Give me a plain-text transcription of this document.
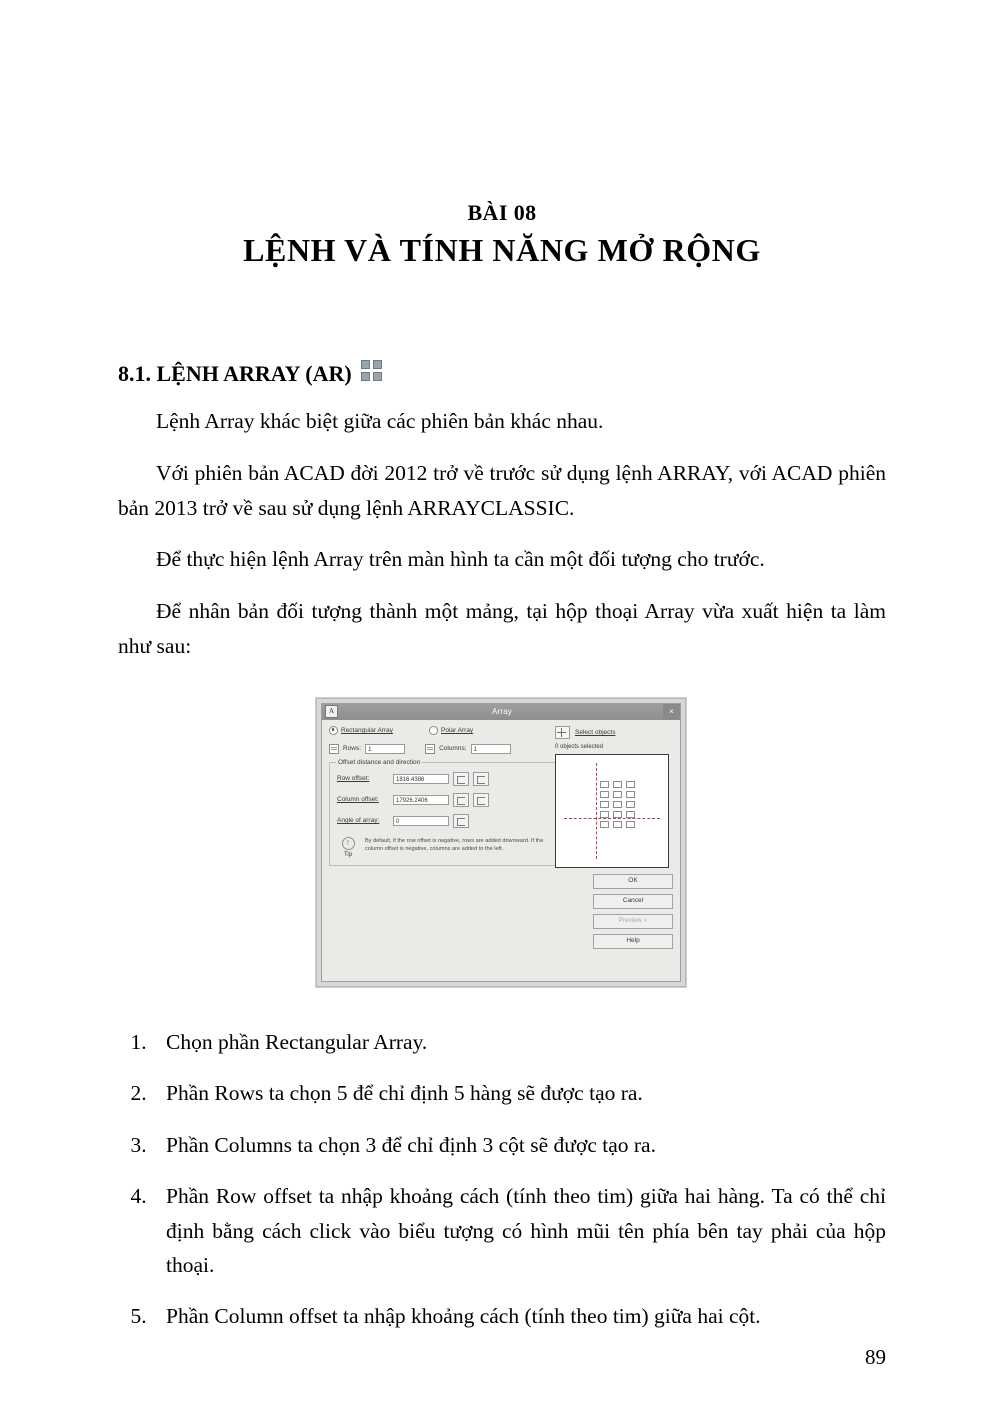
BÀI 08
LỆNH VÀ TÍNH NĂNG MỞ RỘNG
8.1. LỆNH ARRAY (AR)

Lệnh Array khác biệt giữa các phiên bản khác nhau.

Với phiên bản ACAD đời 2012 trở về trước sử dụng lệnh ARRAY, với ACAD phiên bản 2013 trở về sau sử dụng lệnh ARRAYCLASSIC.

Để thực hiện lệnh Array trên màn hình ta cần một đối tượng cho trước.

Để nhân bản đối tượng thành một mảng, tại hộp thoại Array vừa xuất hiện ta làm như sau:

A	Array	×
Rectangular Array	Polar Array
Rows:	1	Columns:	1
Offset distance and direction
Row offset:	1816.4386
Column offset:	17926.2406
Angle of array:	0
!
Tip
By default, if the row offset is negative, rows are added downward. If the column offset is negative, columns are added to the left.
Select objects
0 objects selected
OK
Cancel
Preview <
Help
1. Chọn phần Rectangular Array.
2. Phần Rows ta chọn 5 để chỉ định 5 hàng sẽ được tạo ra.
3. Phần Columns ta chọn 3 để chỉ định 3 cột sẽ được tạo ra.
4. Phần Row offset ta nhập khoảng cách (tính theo tim) giữa hai hàng. Ta có thể chỉ định bằng cách click vào biểu tượng có hình mũi tên phía bên tay phải của hộp thoại.
5. Phần Column offset ta nhập khoảng cách (tính theo tim) giữa hai cột.
89
